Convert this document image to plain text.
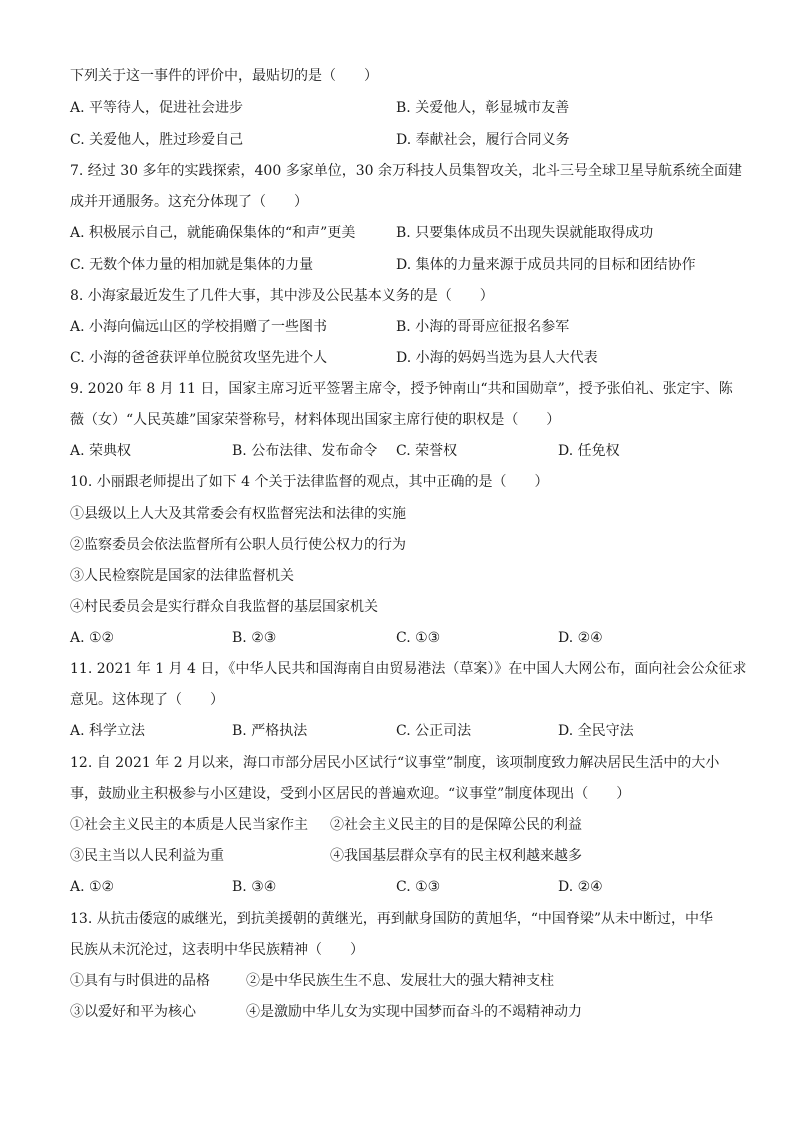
下列关于这一事件的评价中，最贴切的是（　　）
A. 平等待人，促进社会进步	B. 关爱他人，彰显城市友善
C. 关爱他人，胜过珍爱自己	D. 奉献社会，履行合同义务
7. 经过 30 多年的实践探索，400 多家单位，30 余万科技人员集智攻关，北斗三号全球卫星导航系统全面建
成并开通服务。这充分体现了（　　）
A. 积极展示自己，就能确保集体的“和声”更美	B. 只要集体成员不出现失误就能取得成功
C. 无数个体力量的相加就是集体的力量	D. 集体的力量来源于成员共同的目标和团结协作
8. 小海家最近发生了几件大事，其中涉及公民基本义务的是（　　）
A. 小海向偏远山区的学校捐赠了一些图书	B. 小海的哥哥应征报名参军
C. 小海的爸爸获评单位脱贫攻坚先进个人	D. 小海的妈妈当选为县人大代表
9. 2020 年 8 月 11 日，国家主席习近平签署主席令，授予钟南山“共和国勋章”，授予张伯礼、张定宇、陈
薇（女）“人民英雄”国家荣誉称号，材料体现出国家主席行使的职权是（　　）
A. 荣典权	B. 公布法律、发布命令 C. 荣誉权	D. 任免权
10. 小丽跟老师提出了如下 4 个关于法律监督的观点，其中正确的是（　　）
①县级以上人大及其常委会有权监督宪法和法律的实施
②监察委员会依法监督所有公职人员行使公权力的行为
③人民检察院是国家的法律监督机关
④村民委员会是实行群众自我监督的基层国家机关
A. ①②	B. ②③	C. ①③	D. ②④
11. 2021 年 1 月 4 日，《中华人民共和国海南自由贸易港法（草案）》在中国人大网公布，面向社会公众征求
意见。这体现了（　　）
A. 科学立法	B. 严格执法	C. 公正司法	D. 全民守法
12. 自 2021 年 2 月以来，海口市部分居民小区试行“议事堂”制度，该项制度致力解决居民生活中的大小
事，鼓励业主积极参与小区建设，受到小区居民的普遍欢迎。“议事堂”制度体现出（　　）
①社会主义民主的本质是人民当家作主 ②社会主义民主的目的是保障公民的利益
③民主当以人民利益为重	④我国基层群众享有的民主权利越来越多
A. ①②	B. ③④	C. ①③	D. ②④
13. 从抗击倭寇的戚继光，到抗美援朝的黄继光，再到献身国防的黄旭华，“中国脊梁”从未中断过，中华
民族从未沉沦过，这表明中华民族精神（　　）
①具有与时俱进的品格	②是中华民族生生不息、发展壮大的强大精神支柱
③以爱好和平为核心	④是激励中华儿女为实现中国梦而奋斗的不竭精神动力
